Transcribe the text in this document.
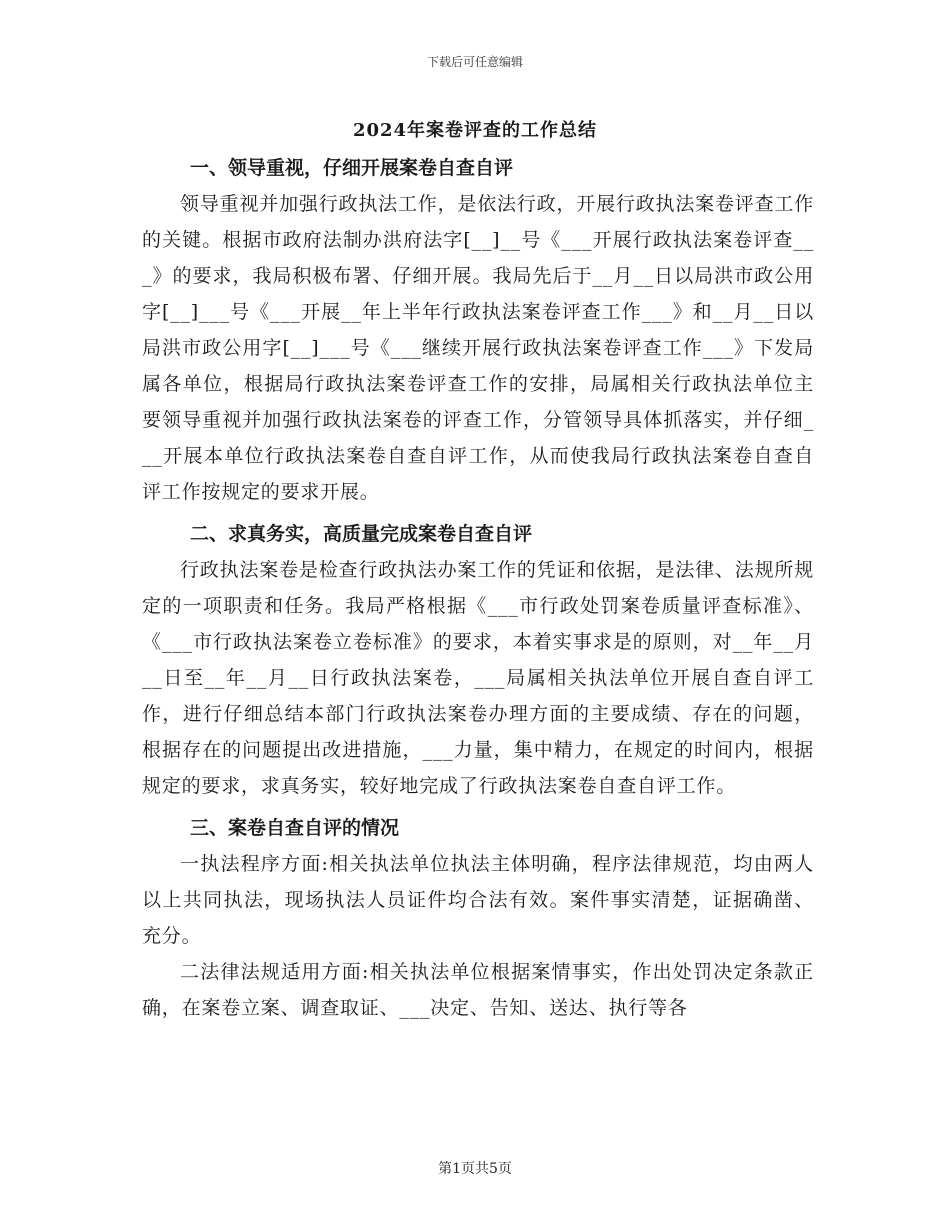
下载后可任意编辑
2024年案卷评查的工作总结
一、领导重视，仔细开展案卷自查自评

领导重视并加强行政执法工作，是依法行政，开展行政执法案卷评查工作的关键。根据市政府法制办洪府法字[__]__号《___开展行政执法案卷评查___》的要求，我局积极布署、仔细开展。我局先后于__月__日以局洪市政公用字[__]___号《___开展__年上半年行政执法案卷评查工作___》和__月__日以局洪市政公用字[__]___号《___继续开展行政执法案卷评查工作___》下发局属各单位，根据局行政执法案卷评查工作的安排，局属相关行政执法单位主要领导重视并加强行政执法案卷的评查工作，分管领导具体抓落实，并仔细___开展本单位行政执法案卷自查自评工作，从而使我局行政执法案卷自查自评工作按规定的要求开展。

二、求真务实，高质量完成案卷自查自评

行政执法案卷是检查行政执法办案工作的凭证和依据，是法律、法规所规定的一项职责和任务。我局严格根据《___市行政处罚案卷质量评查标准》、《___市行政执法案卷立卷标准》的要求，本着实事求是的原则，对__年__月__日至__年__月__日行政执法案卷，___局属相关执法单位开展自查自评工作，进行仔细总结本部门行政执法案卷办理方面的主要成绩、存在的问题，根据存在的问题提出改进措施，___力量，集中精力，在规定的时间内，根据规定的要求，求真务实，较好地完成了行政执法案卷自查自评工作。

三、案卷自查自评的情况

一执法程序方面:相关执法单位执法主体明确，程序法律规范，均由两人以上共同执法，现场执法人员证件均合法有效。案件事实清楚，证据确凿、充分。

二法律法规适用方面:相关执法单位根据案情事实，作出处罚决定条款正确，在案卷立案、调查取证、___决定、告知、送达、执行等各

第1页共5页
